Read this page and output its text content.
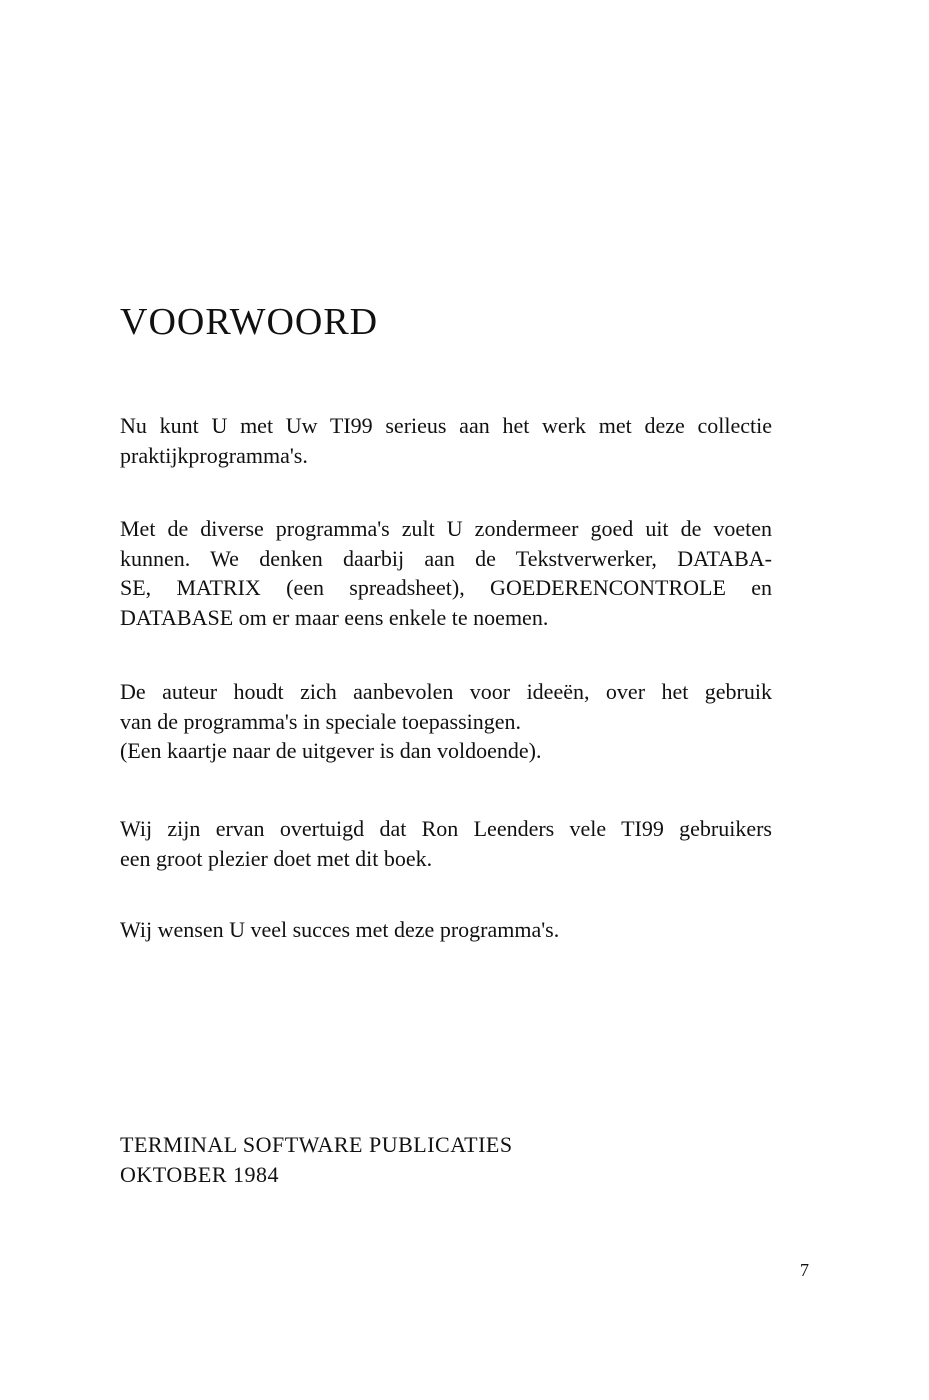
VOORWOORD

Nu kunt U met Uw TI99 serieus aan het werk met deze collectie
praktijkprogramma's.

Met de diverse programma's zult U zondermeer goed uit de voeten
kunnen. We denken daarbij aan de Tekstverwerker, DATABA-
SE, MATRIX (een spreadsheet), GOEDERENCONTROLE en
DATABASE om er maar eens enkele te noemen.

De auteur houdt zich aanbevolen voor ideeën, over het gebruik
van de programma's in speciale toepassingen.
(Een kaartje naar de uitgever is dan voldoende).

Wij zijn ervan overtuigd dat Ron Leenders vele TI99 gebruikers
een groot plezier doet met dit boek.

Wij wensen U veel succes met deze programma's.

TERMINAL SOFTWARE PUBLICATIES
OKTOBER 1984
7
